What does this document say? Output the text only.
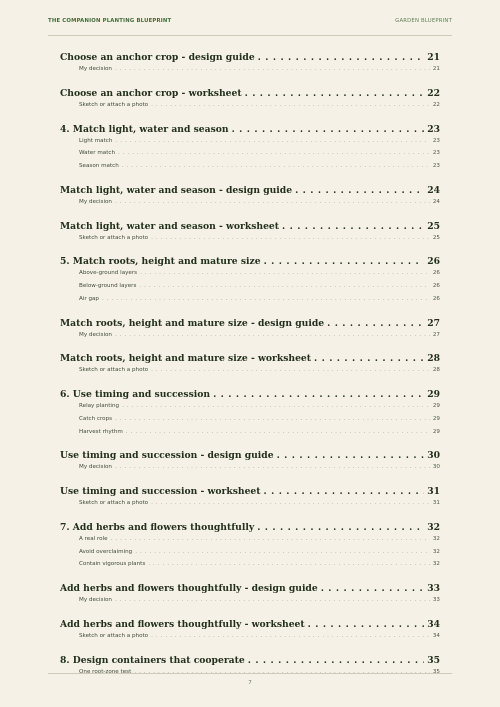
THE COMPANION PLANTING BLUEPRINT	GARDEN BLUEPRINT
Choose an anchor crop - design guide . . .	21
My decision . . .	21
Choose an anchor crop - worksheet . . .	22
Sketch or attach a photo . . .	22
4. Match light, water and season . . .	23
Light match . . .	23
Water match . . .	23
Season match . . .	23
Match light, water and season - design guide . . .	24
My decision . . .	24
Match light, water and season - worksheet . . .	25
Sketch or attach a photo . . .	25
5. Match roots, height and mature size . . .	26
Above-ground layers . . .	26
Below-ground layers . . .	26
Air gap . . .	26
Match roots, height and mature size - design guide . . .	27
My decision . . .	27
Match roots, height and mature size - worksheet . . .	28
Sketch or attach a photo . . .	28
6. Use timing and succession . . .	29
Relay planting . . .	29
Catch crops . . .	29
Harvest rhythm . . .	29
Use timing and succession - design guide . . .	30
My decision . . .	30
Use timing and succession - worksheet . . .	31
Sketch or attach a photo . . .	31
7. Add herbs and flowers thoughtfully . . .	32
A real role . . .	32
Avoid overclaiming . . .	32
Contain vigorous plants . . .	32
Add herbs and flowers thoughtfully - design guide . . .	33
My decision . . .	33
Add herbs and flowers thoughtfully - worksheet . . .	34
Sketch or attach a photo . . .	34
8. Design containers that cooperate . . .	35
One root-zone test . . .	35
7
